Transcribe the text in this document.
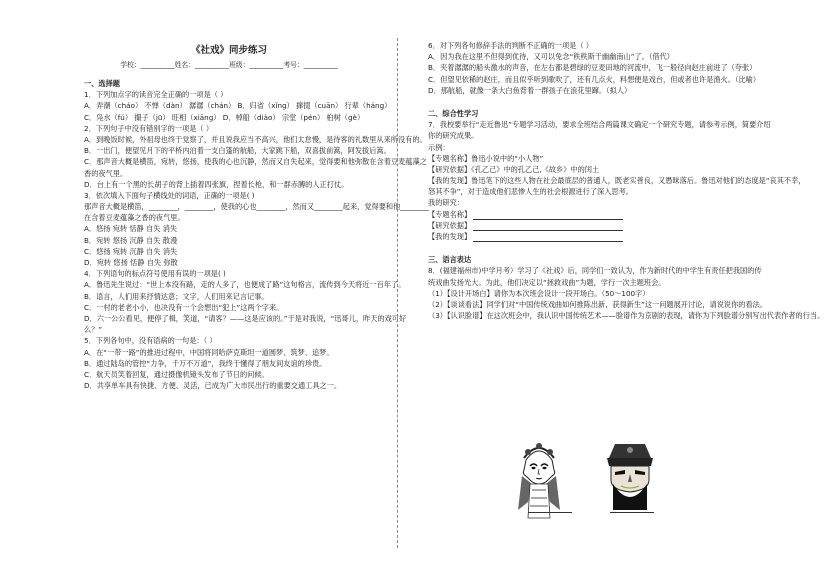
《社戏》同步练习
学校：__________姓名：__________班级：__________考号：__________
一、选择题
1．下列加点字的读音完全正确的一项是（ ）
A．弄潮（cháo） 不惮（dàn） 潺潺（chán） B．归省（xǐng） 撺掇（cuān） 行辈（háng）
C．凫水（fú） 撮子（jū） 旺相（xiāng） D．棹船（diào） 宗堂（pén） 桕树（gè）
2．下列句子中没有错别字的一项是（ ）
A．到晚饭时候，外祖母也终于觉察了，并且说我应当不高兴，他们太怠慢，是待客的礼数里从来所没有的。
B．一出门，便望见月下的平桥内泊着一支白篷的航船，大家跳下船，双喜拔前篙，阿发拔后篙。
C．那声音大概是横笛，宛转，悠扬，使我的心也沉静，然而又自失起来，觉得要和他弥散在含着豆麦蕴藻之
香的夜气里。
D．台上有一个黑的长胡子的背上插着四张旗，捏着长枪，和一群赤膊的人正打仗。
3．依次填入下面句子横线处的词语，正确的一项是( )
那声音大概是横笛，________，________，使我的心也________，然而又________起来，觉得要和他________
在含着豆麦蕴藻之香的夜气里。
A．悠扬 宛转 恬静 自失 消失
B．宛转 悠扬 沉静 自失 散漫
C．悠扬 宛转 沉静 自失 消失
D．宛转 悠扬 恬静 自失 弥散
4．下列语句的标点符号使用有误的一项是( )
A．鲁迅先生说过：“世上本没有路，走的人多了，也便成了路”这句格言，流传到今天将近一百年了。
B．语言，人们用来抒情达意；文字，人们用来记言记事。
C．一村的老老小小，也决没有一个会想出“犯上”这两个字来。
D．六一公公看见，便停了楫，笑道，“请客？——这是应该的。”于是对我说，“迅哥儿，昨天的戏可好
么？”
5．下列各句中，没有语病的一句是：（ ）
A．在“一带一路”的推进过程中，中国将同哈萨克斯坦一道圆梦、筑梦、追梦。
B．通过陆岛的管控“力争，千万不万道”，我终于懂得了朋友间友谊的珍贵。
C．航天员笑着回复，通过摄像机镜头发布了节日的问候。
D．共享单车具有快捷、方便、灵活，已成为广大市民出行的重要交通工具之一。
6．对下列各句修辞手法的判断不正确的一项是（ ）
A．因为我在这里不但得到优待，又可以免念“秩秩斯干幽幽南山”了。（借代）
B．夹着潺潺的船头激水的声音，在左右都是碧绿的豆麦田地的河流中，飞一般径向赵庄前进了（夸张）
C．但望见依稀的赵庄，而且似乎听到歌吹了，还有几点火，料想便是戏台，但或者也许是渔火。（比喻）
D．那航船，就像一条大白鱼背着一群孩子在浪花里蹿。（拟人）
二、综合性学习
7．我校要举行“走近鲁迅”专题学习活动，要求全班结合两篇课文确定一个研究专题，请参考示例，简要介绍
你的研究成果。
示例：
【专题名称】鲁迅小说中的“小人物”
【研究依据】《孔乙己》中的孔乙己,《故乡》中的闰土
【我的发现】鲁迅笔下的这些人物在社会最底层的普通人，既老实善良，又愚昧落后。鲁迅对他们的态度是“哀其不幸，
怒其不争”，对于造成他们悲惨人生的社会根源进行了深入思考。
我的研究：
【专题名称】
【研究依据】
【我的发现】
三、语言表达
8．(福建福州市)中学月考）学习了《社戏》后，同学们一致认为，作为新时代的中学生有责任把我国的传
统戏曲发扬光大。为此，他们决定以“拯救戏曲”为题，学行一次主题班会。
（1）【设计开场白】请你为本次班会设计一段开场白。（50～100字）
（2）【谈谈看法】同学们对“中国传统戏曲如何推陈出新，获得新生”这一问题展开讨论，请说说你的看法。
（3）【认识脸谱】在这次班会中，我认识中国传统艺术——脸谱作为京剧的表现，请你为下列脸谱分别写出代表作者的行当。
